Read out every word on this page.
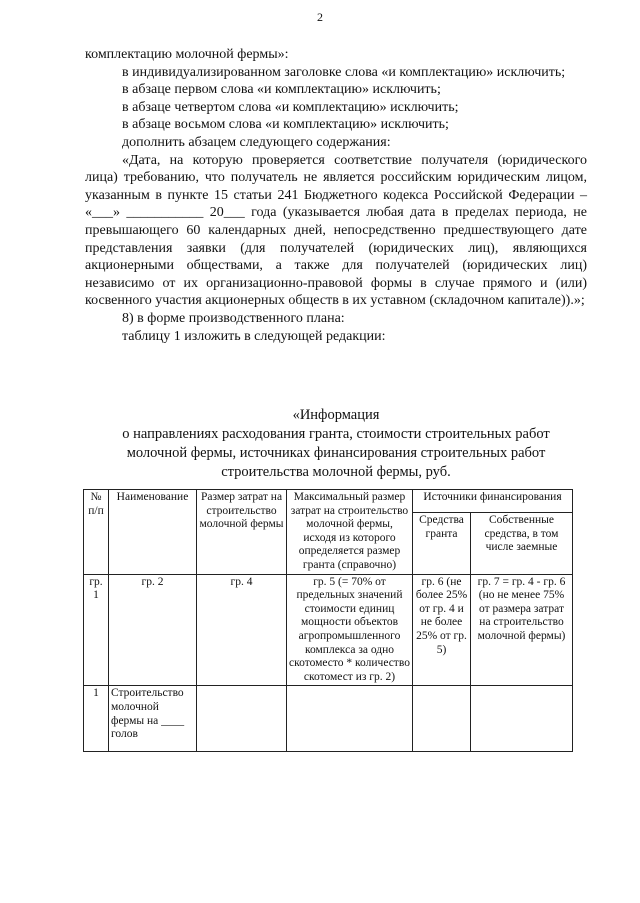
2

комплектацию молочной фермы»:

в индивидуализированном заголовке слова «и комплектацию» исключить;

в абзаце первом слова «и комплектацию» исключить;

в абзаце четвертом слова «и комплектацию» исключить;

в абзаце восьмом слова «и комплектацию» исключить;

дополнить абзацем следующего содержания:

«Дата, на которую проверяется соответствие получателя (юридического лица) требованию, что получатель не является российским юридическим лицом, указанным в пункте 15 статьи 241 Бюджетного кодекса Российской Федерации – «___» ___________ 20___ года (указывается любая дата в пределах периода, не превышающего 60 календарных дней, непосредственно предшествующего дате представления заявки (для получателей (юридических лиц), являющихся акционерными обществами, а также для получателей (юридических лиц) независимо от их организационно-правовой формы в случае прямого и (или) косвенного участия акционерных обществ в их уставном (складочном капитале)).»;

8) в форме производственного плана:

таблицу 1 изложить в следующей редакции:

«Информация
о направлениях расходования гранта, стоимости строительных работ
молочной фермы, источниках финансирования строительных работ
строительства молочной фермы, руб.
№ п/п	Наименование	Размер затрат на строительство молочной фермы	Максимальный размер затрат на строительство молочной фермы, исходя из которого определяется размер гранта (справочно)	Источники финансирования	
				Средства гранта	Собственные средства, в том числе заемные
гр. 1	гр. 2	гр. 4	гр. 5 (= 70% от предельных значений стоимости единиц мощности объектов агропромышленного комплекса за одно скотоместо * количество скотомест из гр. 2)	гр. 6 (не более 25% от гр. 4 и не более 25% от гр. 5)	гр. 7 = гр. 4 - гр. 6 (но не менее 75% от размера затрат на строительство молочной фермы)
1	Строительство молочной фермы на ____ голов				
